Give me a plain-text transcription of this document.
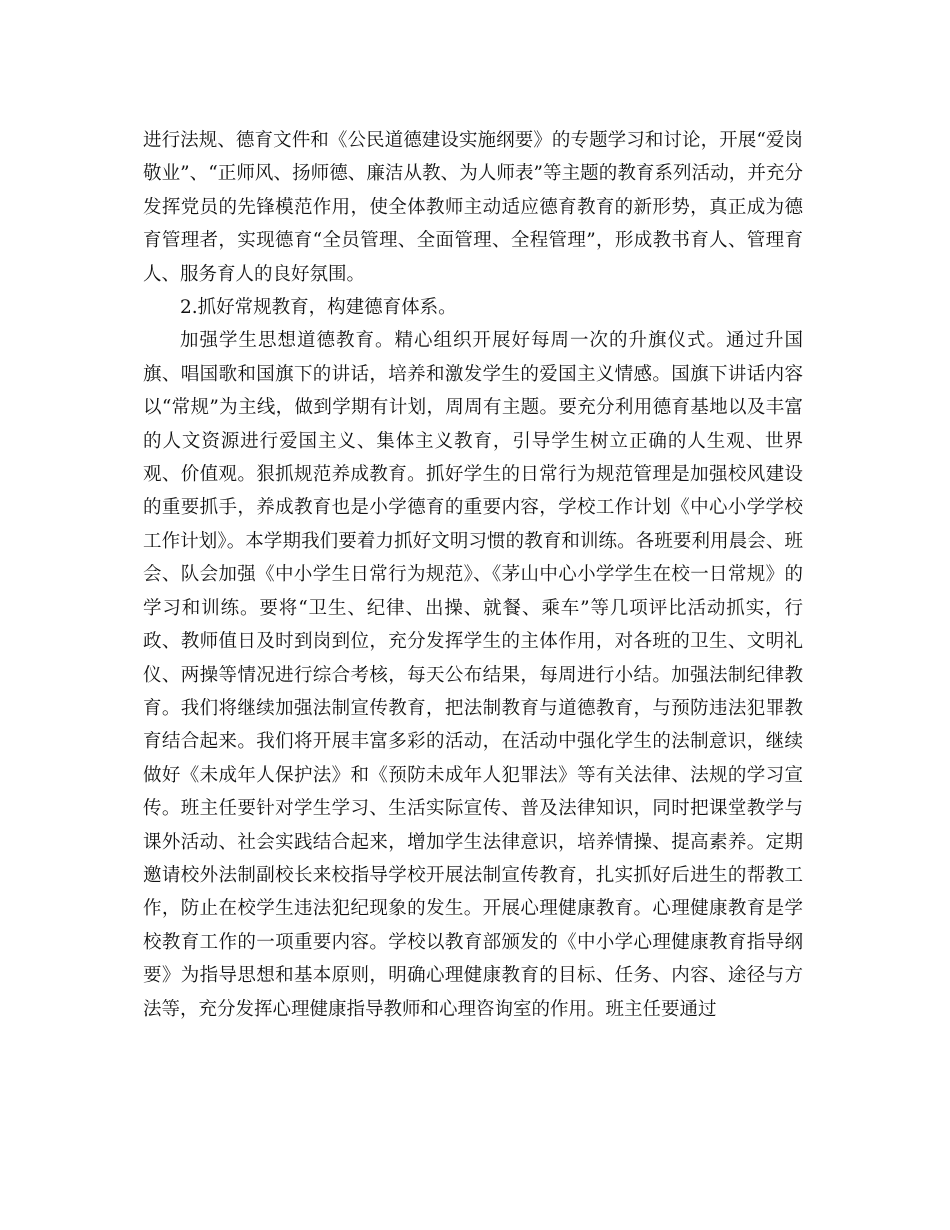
进行法规、德育文件和《公民道德建设实施纲要》的专题学习和讨论，开展“爱岗敬业”、“正师风、扬师德、廉洁从教、为人师表”等主题的教育系列活动，并充分发挥党员的先锋模范作用，使全体教师主动适应德育教育的新形势，真正成为德育管理者，实现德育“全员管理、全面管理、全程管理”，形成教书育人、管理育人、服务育人的良好氛围。

2.抓好常规教育，构建德育体系。

加强学生思想道德教育。精心组织开展好每周一次的升旗仪式。通过升国旗、唱国歌和国旗下的讲话，培养和激发学生的爱国主义情感。国旗下讲话内容以“常规”为主线，做到学期有计划，周周有主题。要充分利用德育基地以及丰富的人文资源进行爱国主义、集体主义教育，引导学生树立正确的人生观、世界观、价值观。狠抓规范养成教育。抓好学生的日常行为规范管理是加强校风建设的重要抓手，养成教育也是小学德育的重要内容，学校工作计划《中心小学学校工作计划》。本学期我们要着力抓好文明习惯的教育和训练。各班要利用晨会、班会、队会加强《中小学生日常行为规范》、《茅山中心小学学生在校一日常规》的学习和训练。要将“卫生、纪律、出操、就餐、乘车”等几项评比活动抓实，行政、教师值日及时到岗到位，充分发挥学生的主体作用，对各班的卫生、文明礼仪、两操等情况进行综合考核，每天公布结果，每周进行小结。加强法制纪律教育。我们将继续加强法制宣传教育，把法制教育与道德教育，与预防违法犯罪教育结合起来。我们将开展丰富多彩的活动，在活动中强化学生的法制意识，继续做好《未成年人保护法》和《预防未成年人犯罪法》等有关法律、法规的学习宣传。班主任要针对学生学习、生活实际宣传、普及法律知识，同时把课堂教学与课外活动、社会实践结合起来，增加学生法律意识，培养情操、提高素养。定期邀请校外法制副校长来校指导学校开展法制宣传教育，扎实抓好后进生的帮教工作，防止在校学生违法犯纪现象的发生。开展心理健康教育。心理健康教育是学校教育工作的一项重要内容。学校以教育部颁发的《中小学心理健康教育指导纲要》为指导思想和基本原则，明确心理健康教育的目标、任务、内容、途径与方法等，充分发挥心理健康指导教师和心理咨询室的作用。班主任要通过
